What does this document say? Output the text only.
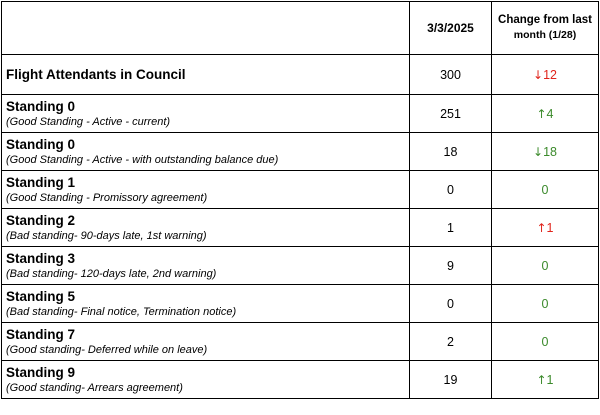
	3/3/2025	Change from last
month (1/28)

Flight Attendants in Council	300	↓12

Standing 0
(Good Standing - Active - current)	251	↑4

Standing 0
(Good Standing - Active - with outstanding balance due)	18	↓18

Standing 1
(Good Standing - Promissory agreement)	0	0

Standing 2
(Bad standing- 90-days late, 1st warning)	1	↑1

Standing 3
(Bad standing- 120-days late, 2nd warning)	9	0

Standing 5
(Bad standing- Final notice, Termination notice)	0	0

Standing 7
(Good standing- Deferred while on leave)	2	0

Standing 9
(Good standing- Arrears agreement)	19	↑1
